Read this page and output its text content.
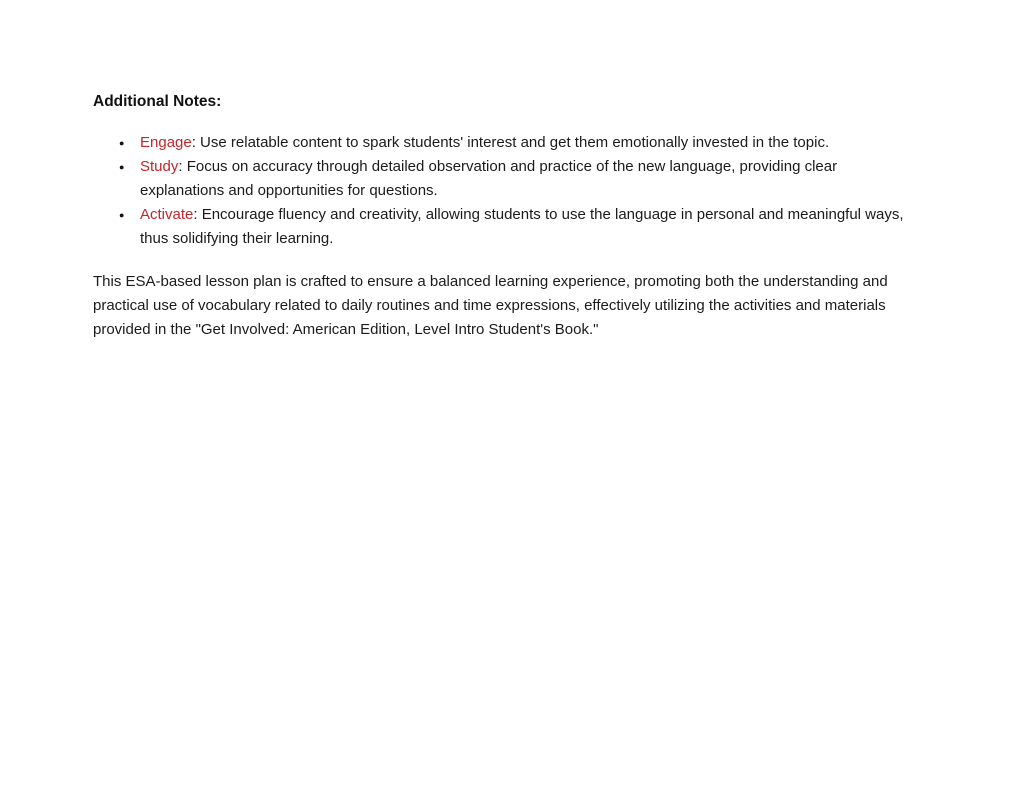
Additional Notes:

● Engage: Use relatable content to spark students' interest and get them emotionally invested in the topic.
● Study: Focus on accuracy through detailed observation and practice of the new language, providing clear explanations and opportunities for questions.
● Activate: Encourage fluency and creativity, allowing students to use the language in personal and meaningful ways, thus solidifying their learning.

This ESA-based lesson plan is crafted to ensure a balanced learning experience, promoting both the understanding and practical use of vocabulary related to daily routines and time expressions, effectively utilizing the activities and materials provided in the "Get Involved: American Edition, Level Intro Student's Book."
